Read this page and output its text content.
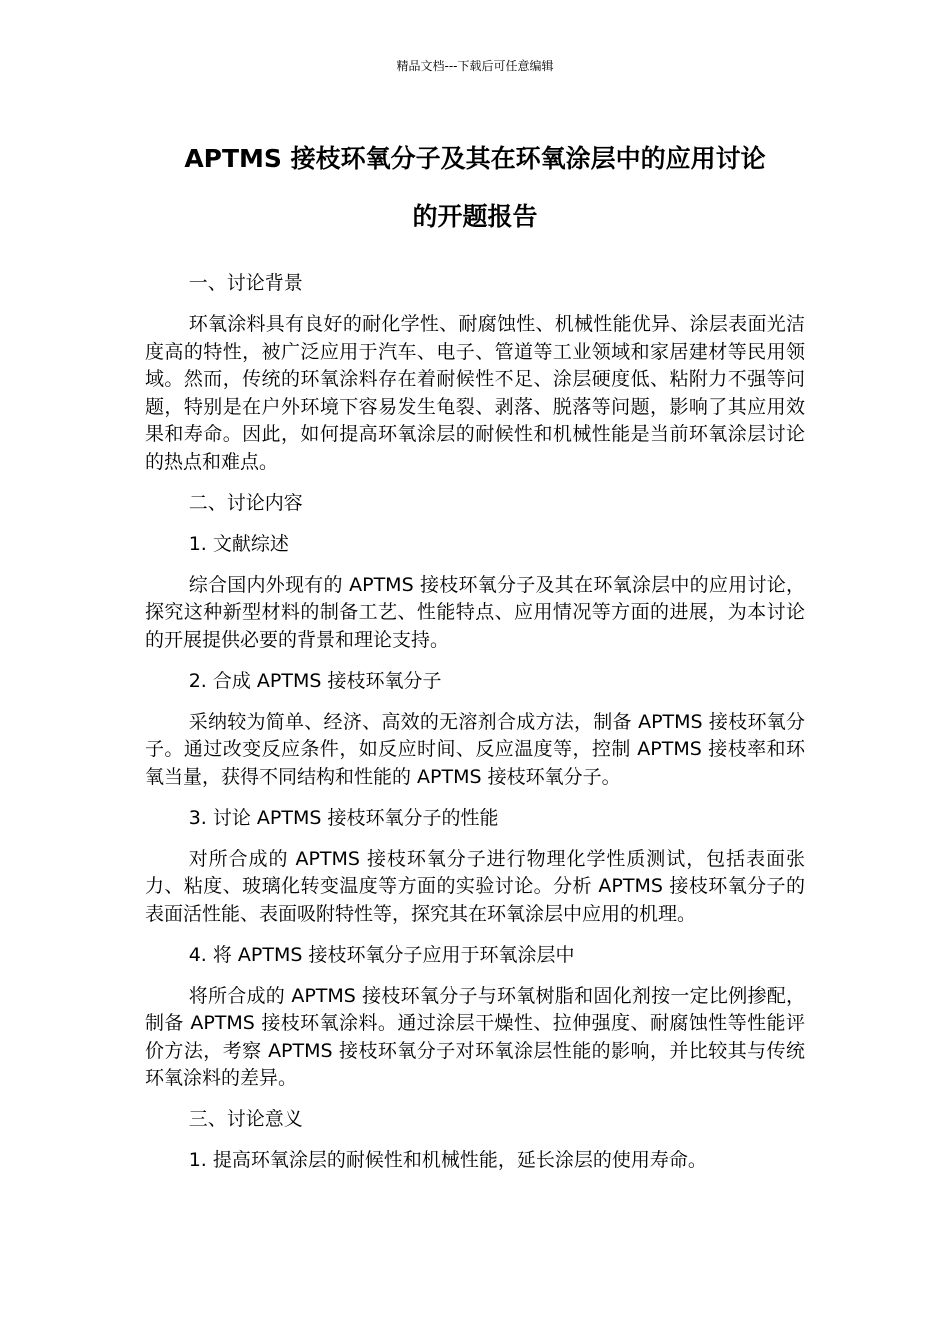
精品文档---下载后可任意编辑
APTMS 接枝环氧分子及其在环氧涂层中的应用讨论
的开题报告
一、讨论背景
环氧涂料具有良好的耐化学性、耐腐蚀性、机械性能优异、涂层表面光洁度高的特性，被广泛应用于汽车、电子、管道等工业领域和家居建材等民用领域。然而，传统的环氧涂料存在着耐候性不足、涂层硬度低、粘附力不强等问题，特别是在户外环境下容易发生龟裂、剥落、脱落等问题，影响了其应用效果和寿命。因此，如何提高环氧涂层的耐候性和机械性能是当前环氧涂层讨论的热点和难点。
二、讨论内容
1. 文献综述
综合国内外现有的 APTMS 接枝环氧分子及其在环氧涂层中的应用讨论，探究这种新型材料的制备工艺、性能特点、应用情况等方面的进展，为本讨论的开展提供必要的背景和理论支持。
2. 合成 APTMS 接枝环氧分子
采纳较为简单、经济、高效的无溶剂合成方法，制备 APTMS 接枝环氧分子。通过改变反应条件，如反应时间、反应温度等，控制 APTMS 接枝率和环氧当量，获得不同结构和性能的 APTMS 接枝环氧分子。
3. 讨论 APTMS 接枝环氧分子的性能
对所合成的 APTMS 接枝环氧分子进行物理化学性质测试，包括表面张力、粘度、玻璃化转变温度等方面的实验讨论。分析 APTMS 接枝环氧分子的表面活性能、表面吸附特性等，探究其在环氧涂层中应用的机理。
4. 将 APTMS 接枝环氧分子应用于环氧涂层中
将所合成的 APTMS 接枝环氧分子与环氧树脂和固化剂按一定比例掺配，制备 APTMS 接枝环氧涂料。通过涂层干燥性、拉伸强度、耐腐蚀性等性能评价方法，考察 APTMS 接枝环氧分子对环氧涂层性能的影响，并比较其与传统环氧涂料的差异。
三、讨论意义
1. 提高环氧涂层的耐候性和机械性能，延长涂层的使用寿命。
